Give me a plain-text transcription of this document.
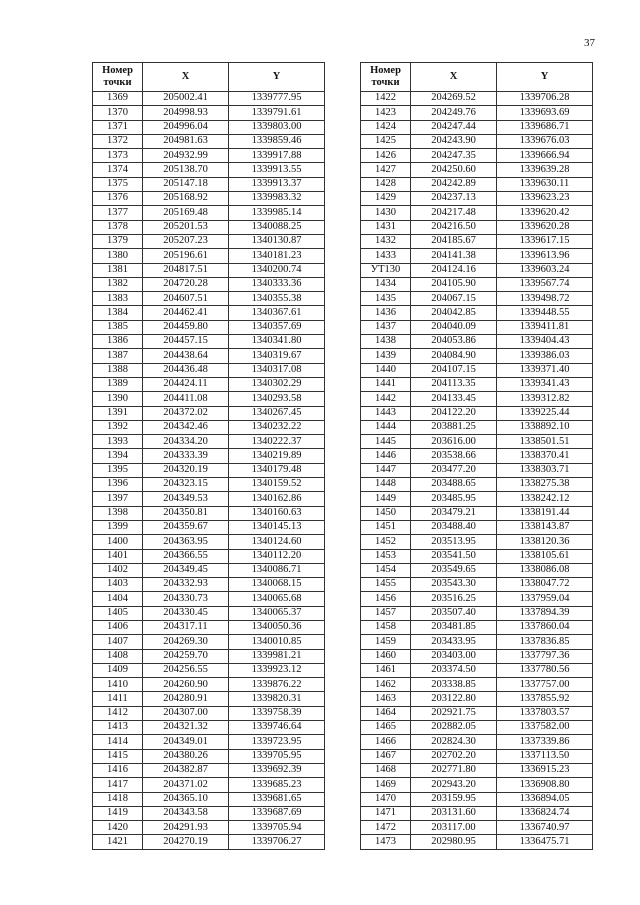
37
Номер
точки	X	Y
1369	205002.41	1339777.95
1370	204998.93	1339791.61
1371	204996.04	1339803.00
1372	204981.63	1339859.46
1373	204932.99	1339917.88
1374	205138.70	1339913.55
1375	205147.18	1339913.37
1376	205168.92	1339983.32
1377	205169.48	1339985.14
1378	205201.53	1340088.25
1379	205207.23	1340130.87
1380	205196.61	1340181.23
1381	204817.51	1340200.74
1382	204720.28	1340333.36
1383	204607.51	1340355.38
1384	204462.41	1340367.61
1385	204459.80	1340357.69
1386	204457.15	1340341.80
1387	204438.64	1340319.67
1388	204436.48	1340317.08
1389	204424.11	1340302.29
1390	204411.08	1340293.58
1391	204372.02	1340267.45
1392	204342.46	1340232.22
1393	204334.20	1340222.37
1394	204333.39	1340219.89
1395	204320.19	1340179.48
1396	204323.15	1340159.52
1397	204349.53	1340162.86
1398	204350.81	1340160.63
1399	204359.67	1340145.13
1400	204363.95	1340124.60
1401	204366.55	1340112.20
1402	204349.45	1340086.71
1403	204332.93	1340068.15
1404	204330.73	1340065.68
1405	204330.45	1340065.37
1406	204317.11	1340050.36
1407	204269.30	1340010.85
1408	204259.70	1339981.21
1409	204256.55	1339923.12
1410	204260.90	1339876.22
1411	204280.91	1339820.31
1412	204307.00	1339758.39
1413	204321.32	1339746.64
1414	204349.01	1339723.95
1415	204380.26	1339705.95
1416	204382.87	1339692.39
1417	204371.02	1339685.23
1418	204365.10	1339681.65
1419	204343.58	1339687.69
1420	204291.93	1339705.94
1421	204270.19	1339706.27
Номер
точки	X	Y
1422	204269.52	1339706.28
1423	204249.76	1339693.69
1424	204247.44	1339686.71
1425	204243.90	1339676.03
1426	204247.35	1339666.94
1427	204250.60	1339639.28
1428	204242.89	1339630.11
1429	204237.13	1339623.23
1430	204217.48	1339620.42
1431	204216.50	1339620.28
1432	204185.67	1339617.15
1433	204141.38	1339613.96
УТ130	204124.16	1339603.24
1434	204105.90	1339567.74
1435	204067.15	1339498.72
1436	204042.85	1339448.55
1437	204040.09	1339411.81
1438	204053.86	1339404.43
1439	204084.90	1339386.03
1440	204107.15	1339371.40
1441	204113.35	1339341.43
1442	204133.45	1339312.82
1443	204122.20	1339225.44
1444	203881.25	1338892.10
1445	203616.00	1338501.51
1446	203538.66	1338370.41
1447	203477.20	1338303.71
1448	203488.65	1338275.38
1449	203485.95	1338242.12
1450	203479.21	1338191.44
1451	203488.40	1338143.87
1452	203513.95	1338120.36
1453	203541.50	1338105.61
1454	203549.65	1338086.08
1455	203543.30	1338047.72
1456	203516.25	1337959.04
1457	203507.40	1337894.39
1458	203481.85	1337860.04
1459	203433.95	1337836.85
1460	203403.00	1337797.36
1461	203374.50	1337780.56
1462	203338.85	1337757.00
1463	203122.80	1337855.92
1464	202921.75	1337803.57
1465	202882.05	1337582.00
1466	202824.30	1337339.86
1467	202702.20	1337113.50
1468	202771.80	1336915.23
1469	202943.20	1336908.80
1470	203159.95	1336894.05
1471	203131.60	1336824.74
1472	203117.00	1336740.97
1473	202980.95	1336475.71
